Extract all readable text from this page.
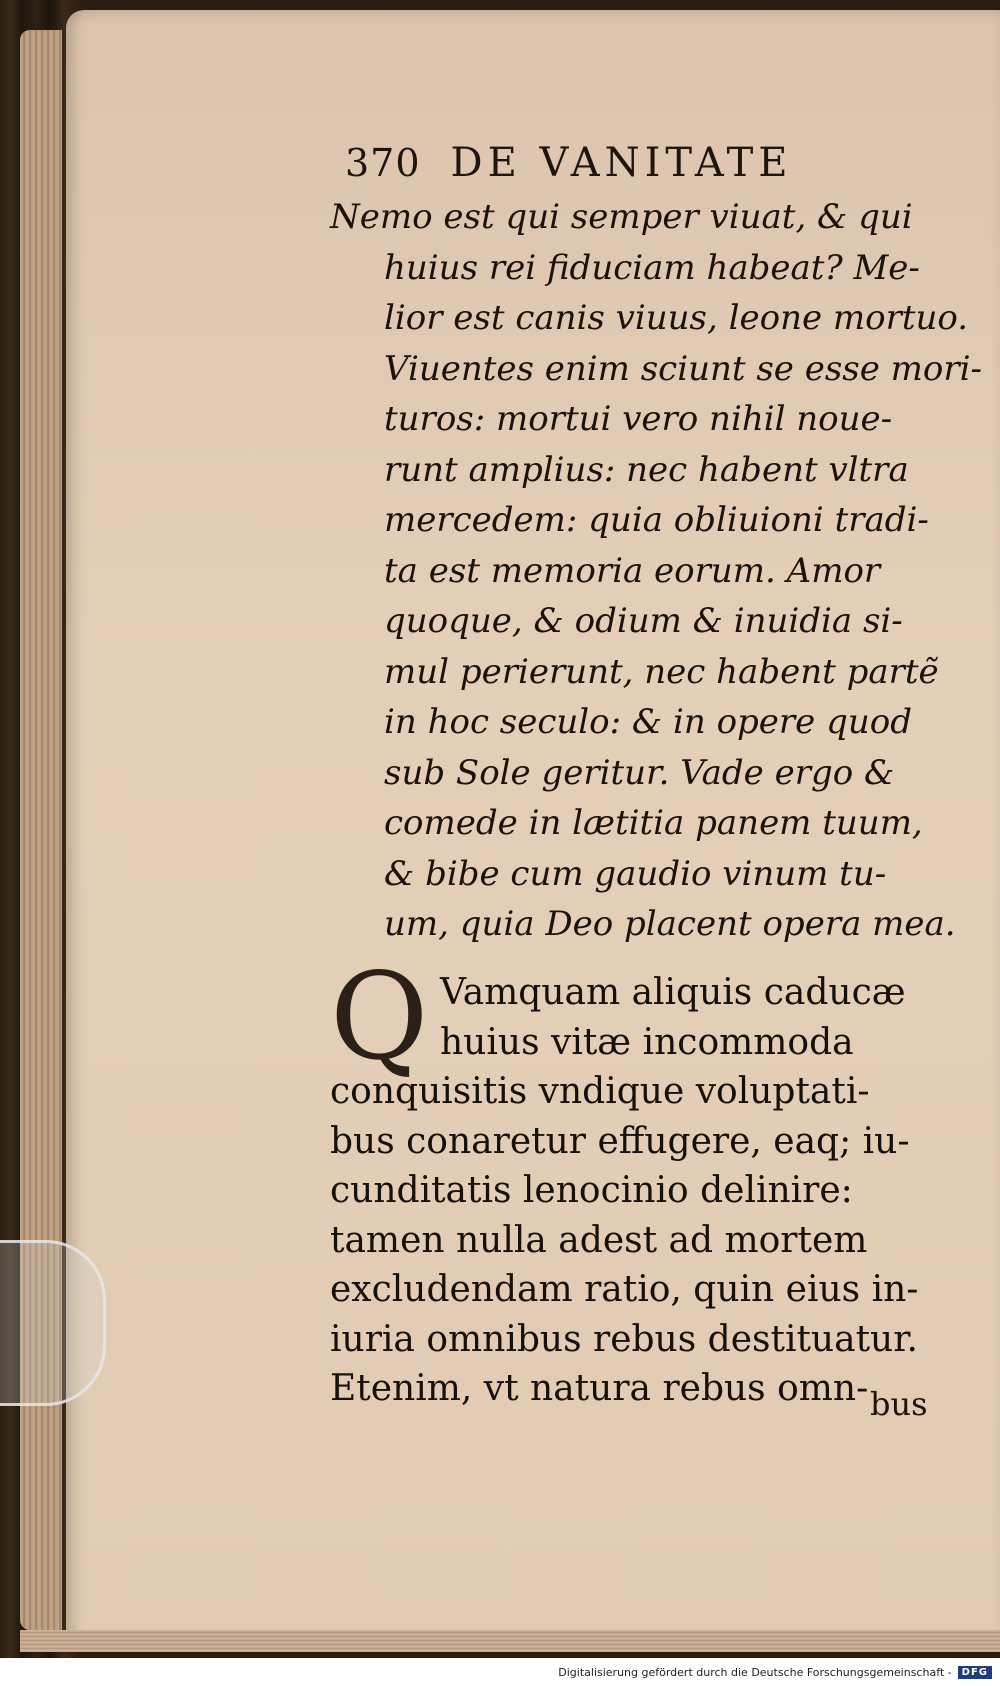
370 DE VANITATE
Nemo est qui semper viuat, & qui
huius rei fiduciam habeat? Me-
lior est canis viuus, leone mortuo.
Viuentes enim sciunt se esse mori-
turos: mortui vero nihil noue-
runt amplius: nec habent vltra
mercedem: quia obliuioni tradi-
ta est memoria eorum. Amor
quoque, & odium & inuidia si-
mul perierunt, nec habent partẽ
in hoc seculo: & in opere quod
sub Sole geritur. Vade ergo &
comede in lætitia panem tuum,
& bibe cum gaudio vinum tu-
um, quia Deo placent opera mea.
Q Vamquam aliquis caducæ
huius vitæ incommoda
conquisitis vndique voluptati-
bus conaretur effugere, eaq; iu-
cunditatis lenocinio delinire:
tamen nulla adest ad mortem
excludendam ratio, quin eius in-
iuria omnibus rebus destituatur.
Etenim, vt natura rebus omn- bus
Digitalisierung gefördert durch die Deutsche Forschungsgemeinschaft -	DFG
